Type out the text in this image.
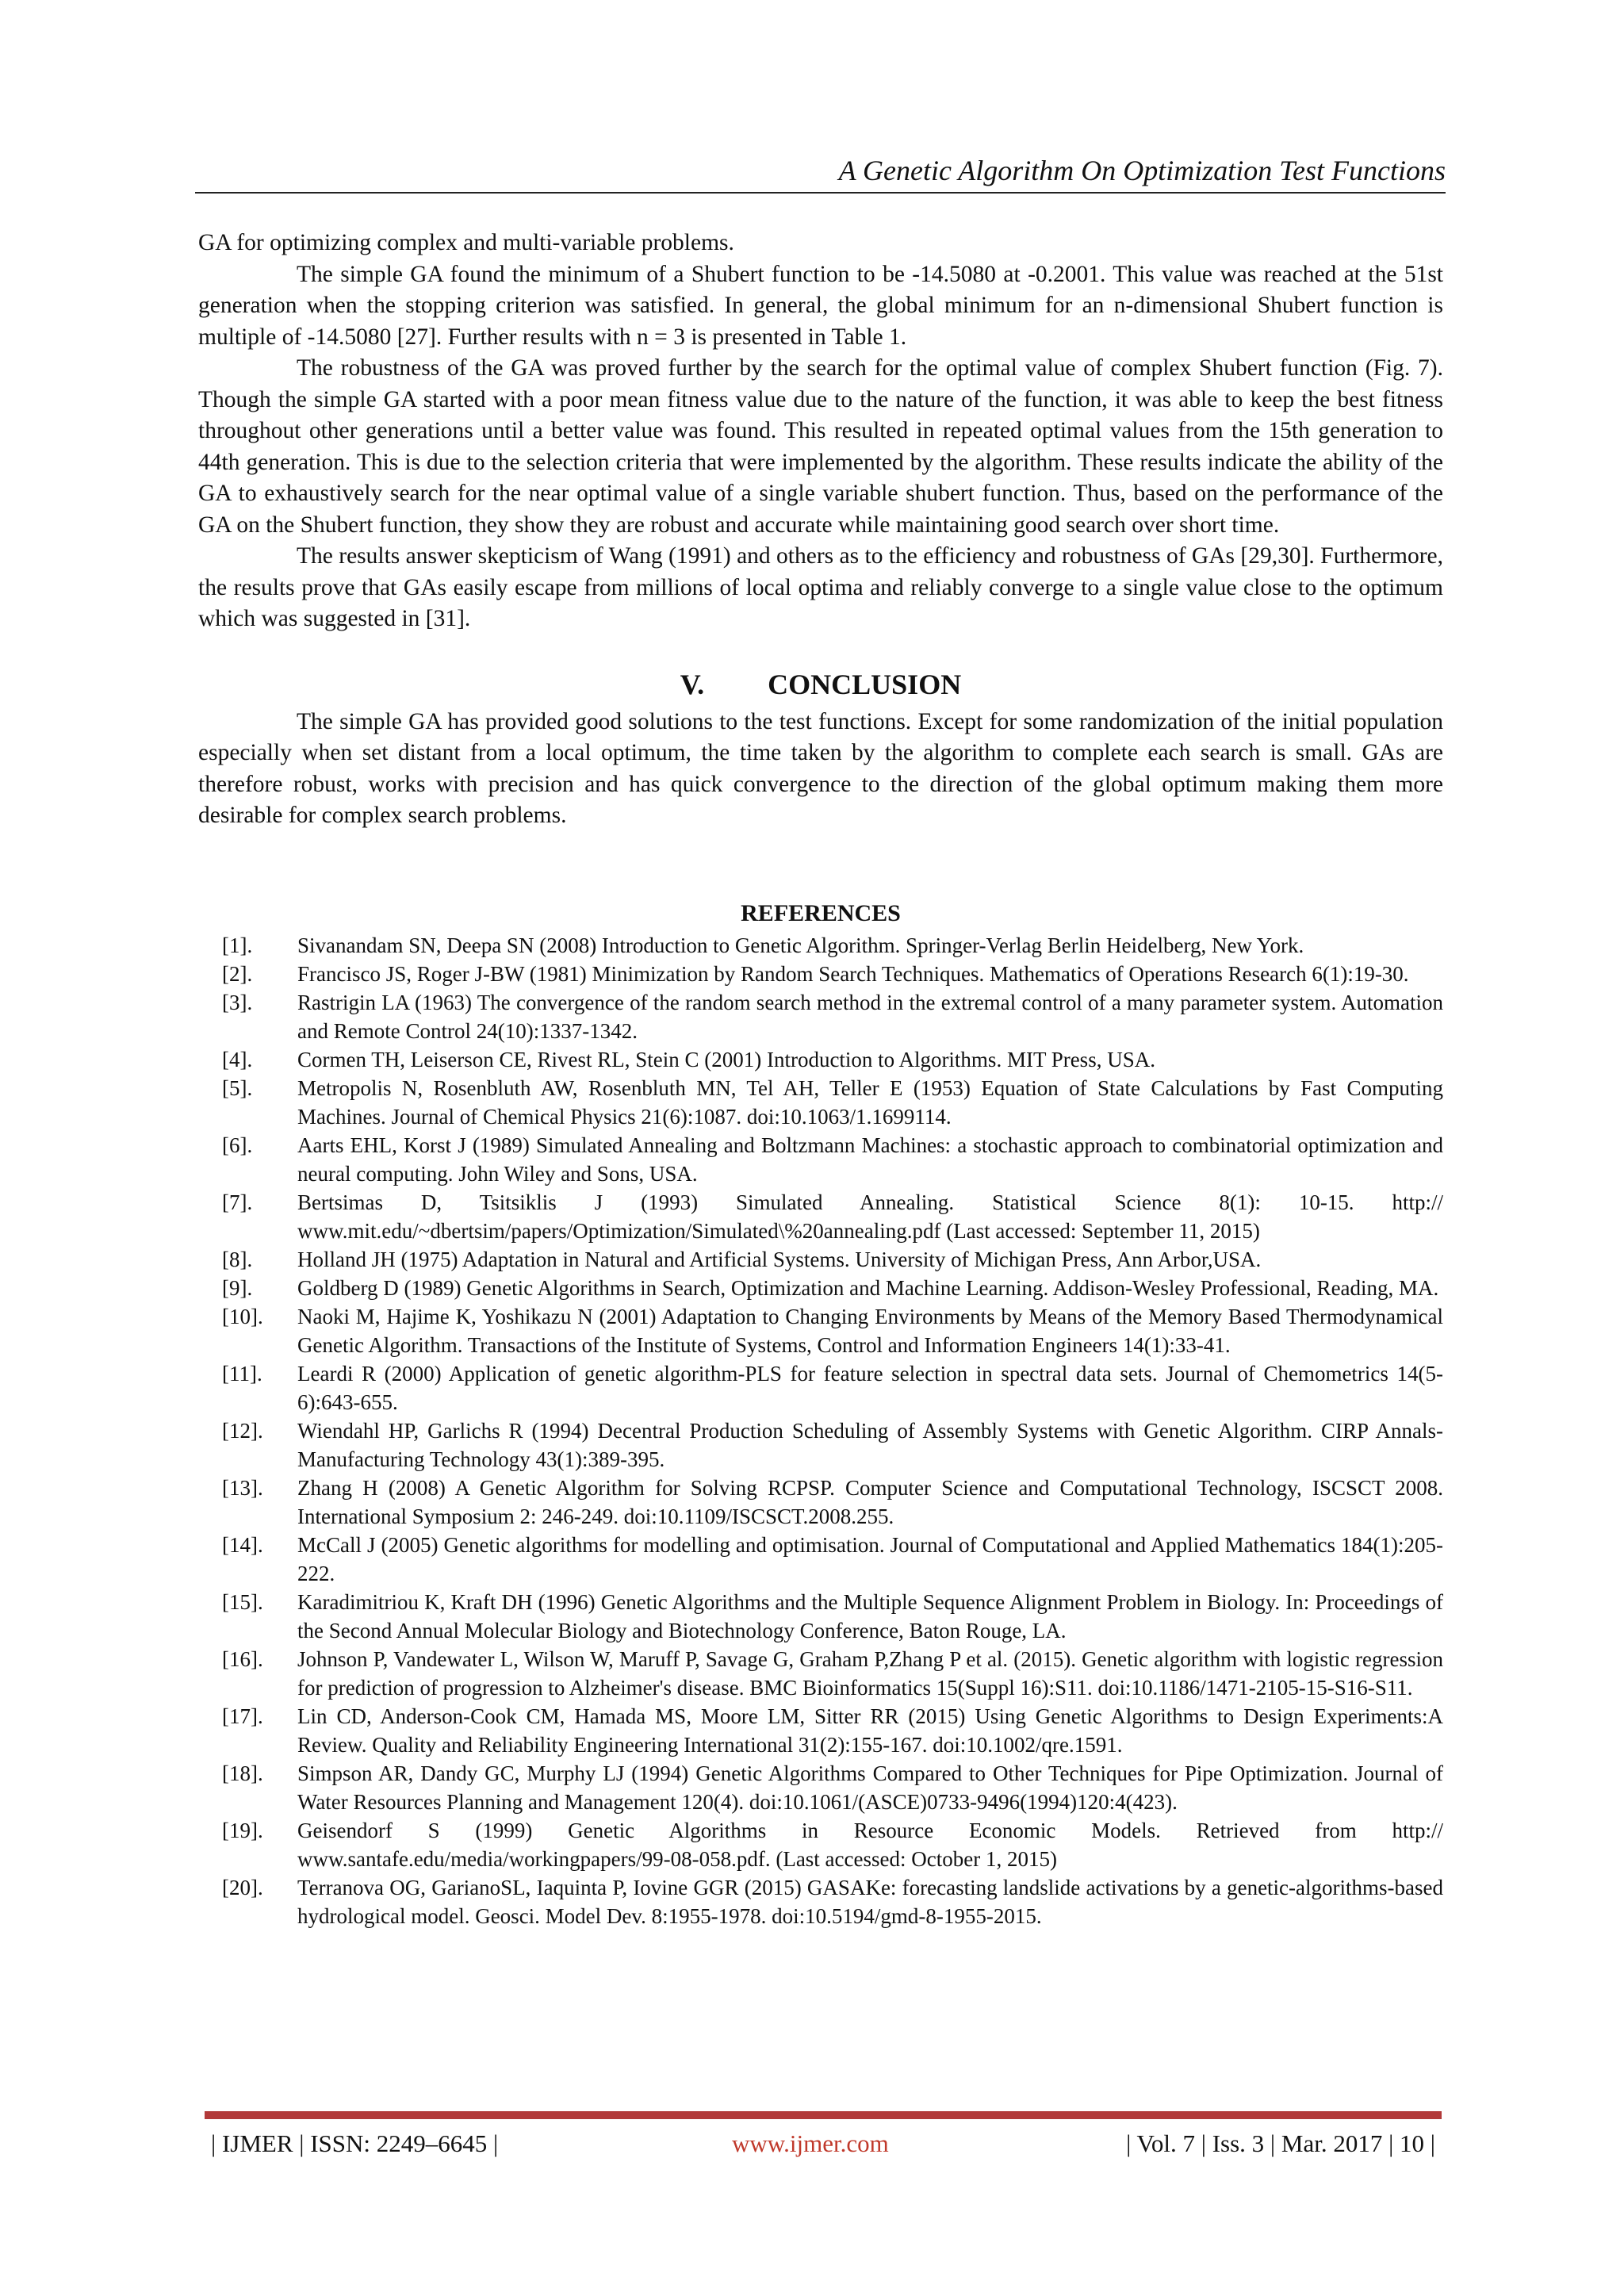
A Genetic Algorithm On Optimization Test Functions

GA for optimizing complex and multi-variable problems.

The simple GA found the minimum of a Shubert function to be -14.5080 at -0.2001. This value was reached at the 51st generation when the stopping criterion was satisfied. In general, the global minimum for an n-dimensional Shubert function is multiple of -14.5080 [27]. Further results with n = 3 is presented in Table 1.

The robustness of the GA was proved further by the search for the optimal value of complex Shubert function (Fig. 7). Though the simple GA started with a poor mean fitness value due to the nature of the function, it was able to keep the best fitness throughout other generations until a better value was found. This resulted in repeated optimal values from the 15th generation to 44th generation. This is due to the selection criteria that were implemented by the algorithm. These results indicate the ability of the GA to exhaustively search for the near optimal value of a single variable shubert function. Thus, based on the performance of the GA on the Shubert function, they show they are robust and accurate while maintaining good search over short time.

The results answer skepticism of Wang (1991) and others as to the efficiency and robustness of GAs [29,30]. Furthermore, the results prove that GAs easily escape from millions of local optima and reliably converge to a single value close to the optimum which was suggested in [31].

V. CONCLUSION

The simple GA has provided good solutions to the test functions. Except for some randomization of the initial population especially when set distant from a local optimum, the time taken by the algorithm to complete each search is small. GAs are therefore robust, works with precision and has quick convergence to the direction of the global optimum making them more desirable for complex search problems.

REFERENCES
[1].	Sivanandam SN, Deepa SN (2008) Introduction to Genetic Algorithm. Springer-Verlag Berlin Heidelberg, New York.
[2].	Francisco JS, Roger J-BW (1981) Minimization by Random Search Techniques. Mathematics of Operations Research 6(1):19-30.
[3].	Rastrigin LA (1963) The convergence of the random search method in the extremal control of a many parameter system. Automation and Remote Control 24(10):1337-1342.
[4].	Cormen TH, Leiserson CE, Rivest RL, Stein C (2001) Introduction to Algorithms. MIT Press, USA.
[5].	Metropolis N, Rosenbluth AW, Rosenbluth MN, Tel AH, Teller E (1953) Equation of State Calculations by Fast Computing Machines. Journal of Chemical Physics 21(6):1087. doi:10.1063/1.1699114.
[6].	Aarts EHL, Korst J (1989) Simulated Annealing and Boltzmann Machines: a stochastic approach to combinatorial optimization and neural computing. John Wiley and Sons, USA.
[7].	Bertsimas D, Tsitsiklis J (1993) Simulated Annealing. Statistical Science 8(1): 10-15. http:// www.mit.edu/~dbertsim/papers/Optimization/Simulated\%20annealing.pdf (Last accessed: September 11, 2015)
[8].	Holland JH (1975) Adaptation in Natural and Artificial Systems. University of Michigan Press, Ann Arbor,USA.
[9].	Goldberg D (1989) Genetic Algorithms in Search, Optimization and Machine Learning. Addison-Wesley Professional, Reading, MA.
[10].	Naoki M, Hajime K, Yoshikazu N (2001) Adaptation to Changing Environments by Means of the Memory Based Thermodynamical Genetic Algorithm. Transactions of the Institute of Systems, Control and Information Engineers 14(1):33-41.
[11].	Leardi R (2000) Application of genetic algorithm-PLS for feature selection in spectral data sets. Journal of Chemometrics 14(5-6):643-655.
[12].	Wiendahl HP, Garlichs R (1994) Decentral Production Scheduling of Assembly Systems with Genetic Algorithm. CIRP Annals-Manufacturing Technology 43(1):389-395.
[13].	Zhang H (2008) A Genetic Algorithm for Solving RCPSP. Computer Science and Computational Technology, ISCSCT 2008. International Symposium 2: 246-249. doi:10.1109/ISCSCT.2008.255.
[14].	McCall J (2005) Genetic algorithms for modelling and optimisation. Journal of Computational and Applied Mathematics 184(1):205-222.
[15].	Karadimitriou K, Kraft DH (1996) Genetic Algorithms and the Multiple Sequence Alignment Problem in Biology. In: Proceedings of the Second Annual Molecular Biology and Biotechnology Conference, Baton Rouge, LA.
[16].	Johnson P, Vandewater L, Wilson W, Maruff P, Savage G, Graham P,Zhang P et al. (2015). Genetic algorithm with logistic regression for prediction of progression to Alzheimer's disease. BMC Bioinformatics 15(Suppl 16):S11. doi:10.1186/1471-2105-15-S16-S11.
[17].	Lin CD, Anderson-Cook CM, Hamada MS, Moore LM, Sitter RR (2015) Using Genetic Algorithms to Design Experiments:A Review. Quality and Reliability Engineering International 31(2):155-167. doi:10.1002/qre.1591.
[18].	Simpson AR, Dandy GC, Murphy LJ (1994) Genetic Algorithms Compared to Other Techniques for Pipe Optimization. Journal of Water Resources Planning and Management 120(4). doi:10.1061/(ASCE)0733-9496(1994)120:4(423).
[19].	Geisendorf S (1999) Genetic Algorithms in Resource Economic Models. Retrieved from http:// www.santafe.edu/media/workingpapers/99-08-058.pdf. (Last accessed: October 1, 2015)
[20].	Terranova OG, GarianoSL, Iaquinta P, Iovine GGR (2015) GASAKe: forecasting landslide activations by a genetic-algorithms-based hydrological model. Geosci. Model Dev. 8:1955-1978. doi:10.5194/gmd-8-1955-2015.
| IJMER | ISSN: 2249–6645 |	www.ijmer.com	| Vol. 7 | Iss. 3 | Mar. 2017 | 10 |
